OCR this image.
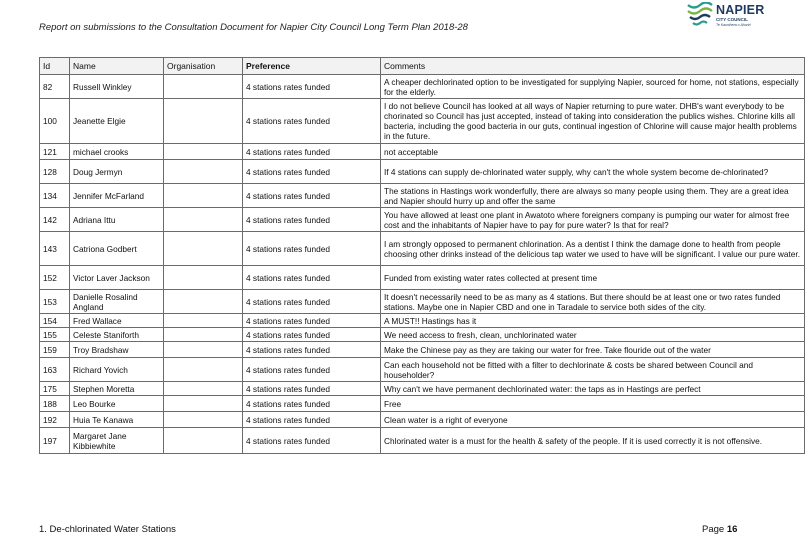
Report on submissions to the Consultation Document for Napier City Council Long Term Plan 2018-28
NAPIER
CITY COUNCIL
Te Kaunihera o Ahuriri
Id	Name	Organisation	Preference	Comments
82	Russell Winkley		4 stations rates funded	A cheaper dechlorinated option to be investigated for supplying Napier, sourced for home, not stations, especially for the elderly.
100	Jeanette Elgie		4 stations rates funded	I do not believe Council has looked at all ways of Napier returning to pure water. DHB's want everybody to be chorinated so Council has just accepted, instead of taking into consideration the publics wishes. Chlorine kills all bacteria, including the good bacteria in our guts, continual ingestion of Chlorine will cause major health problems in the future.
121	michael crooks		4 stations rates funded	not acceptable
128	Doug Jermyn		4 stations rates funded	If 4 stations can supply de-chlorinated water supply, why can't the whole system become de-chlorinated?
134	Jennifer McFarland		4 stations rates funded	The stations in Hastings work wonderfully, there are always so many people using them. They are a great idea and Napier should hurry up and offer the same
142	Adriana Ittu		4 stations rates funded	You have allowed at least one plant in Awatoto where foreigners company is pumping our water for almost free cost and the inhabitants of Napier have to pay for pure water? Is that for real?
143	Catriona Godbert		4 stations rates funded	I am strongly opposed to permanent chlorination. As a dentist I think the damage done to health from people choosing other drinks instead of the delicious tap water we used to have will be significant. I value our pure water.
152	Victor Laver Jackson		4 stations rates funded	Funded from existing water rates collected at present time
153	Danielle Rosalind Angland		4 stations rates funded	It doesn't necessarily need to be as many as 4 stations. But there should be at least one or two rates funded stations. Maybe one in Napier CBD and one in Taradale to service both sides of the city.
154	Fred Wallace		4 stations rates funded	A MUST!! Hastings has it
155	Celeste Staniforth		4 stations rates funded	We need access to fresh, clean, unchlorinated water
159	Troy Bradshaw		4 stations rates funded	Make the Chinese pay as they are taking our water for free. Take flouride out of the water
163	Richard Yovich		4 stations rates funded	Can each household not be fitted with a filter to dechlorinate & costs be shared between Council and householder?
175	Stephen Moretta		4 stations rates funded	Why can't we have permanent dechlorinated water: the taps as in Hastings are perfect
188	Leo Bourke		4 stations rates funded	Free
192	Huia Te Kanawa		4 stations rates funded	Clean water is a right of everyone
197	Margaret Jane Kibbiewhite		4 stations rates funded	Chlorinated water is a must for the health & safety of the people. If it is used correctly it is not offensive.
1. De-chlorinated Water Stations	Page 16
